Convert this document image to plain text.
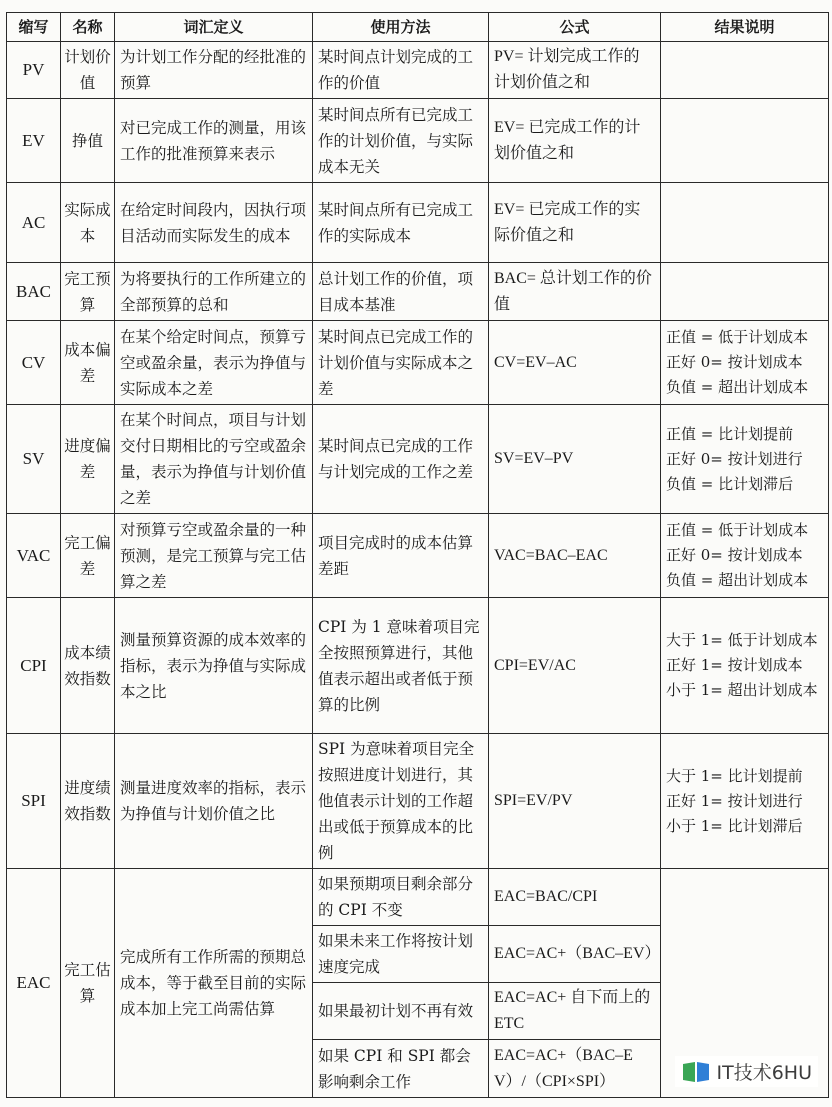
缩写	名称	词汇定义	使用方法	公式	结果说明
PV	计划价值	为计划工作分配的经批准的预算	某时间点计划完成的工作的价值	PV= 计划完成工作的计划价值之和	
EV	挣值	对已完成工作的测量，用该工作的批准预算来表示	某时间点所有已完成工作的计划价值，与实际成本无关	EV= 已完成工作的计划价值之和	
AC	实际成本	在给定时间段内，因执行项目活动而实际发生的成本	某时间点所有已完成工作的实际成本	EV= 已完成工作的实际价值之和	
BAC	完工预算	为将要执行的工作所建立的全部预算的总和	总计划工作的价值，项目成本基准	BAC= 总计划工作的价值	
CV	成本偏差	在某个给定时间点，预算亏空或盈余量，表示为挣值与实际成本之差	某时间点已完成工作的计划价值与实际成本之差	CV=EV–AC	正值 = 低于计划成本
正好 0= 按计划成本
负值 = 超出计划成本
SV	进度偏差	在某个时间点，项目与计划交付日期相比的亏空或盈余量，表示为挣值与计划价值之差	某时间点已完成的工作与计划完成的工作之差	SV=EV–PV	正值 = 比计划提前
正好 0= 按计划进行
负值 = 比计划滞后
VAC	完工偏差	对预算亏空或盈余量的一种预测，是完工预算与完工估算之差	项目完成时的成本估算差距	VAC=BAC–EAC	正值 = 低于计划成本
正好 0= 按计划成本
负值 = 超出计划成本
CPI	成本绩效指数	测量预算资源的成本效率的指标，表示为挣值与实际成本之比	CPI 为 1 意味着项目完全按照预算进行，其他值表示超出或者低于预算的比例	CPI=EV/AC	大于 1= 低于计划成本
正好 1= 按计划成本
小于 1= 超出计划成本
SPI	进度绩效指数	测量进度效率的指标，表示为挣值与计划价值之比	SPI 为意味着项目完全按照进度计划进行，其他值表示计划的工作超出或低于预算成本的比例	SPI=EV/PV	大于 1= 比计划提前
正好 1= 按计划进行
小于 1= 比计划滞后
EAC	完工估算	完成所有工作所需的预期总成本，等于截至目前的实际成本加上完工尚需估算	如果预期项目剩余部分的 CPI 不变	EAC=BAC/CPI	
			如果未来工作将按计划速度完成	EAC=AC+（BAC–EV）	
			如果最初计划不再有效	EAC=AC+ 自下而上的 ETC	
			如果 CPI 和 SPI 都会影响剩余工作	EAC=AC+（BAC–EV）/（CPI×SPI）		IT技术6HU
